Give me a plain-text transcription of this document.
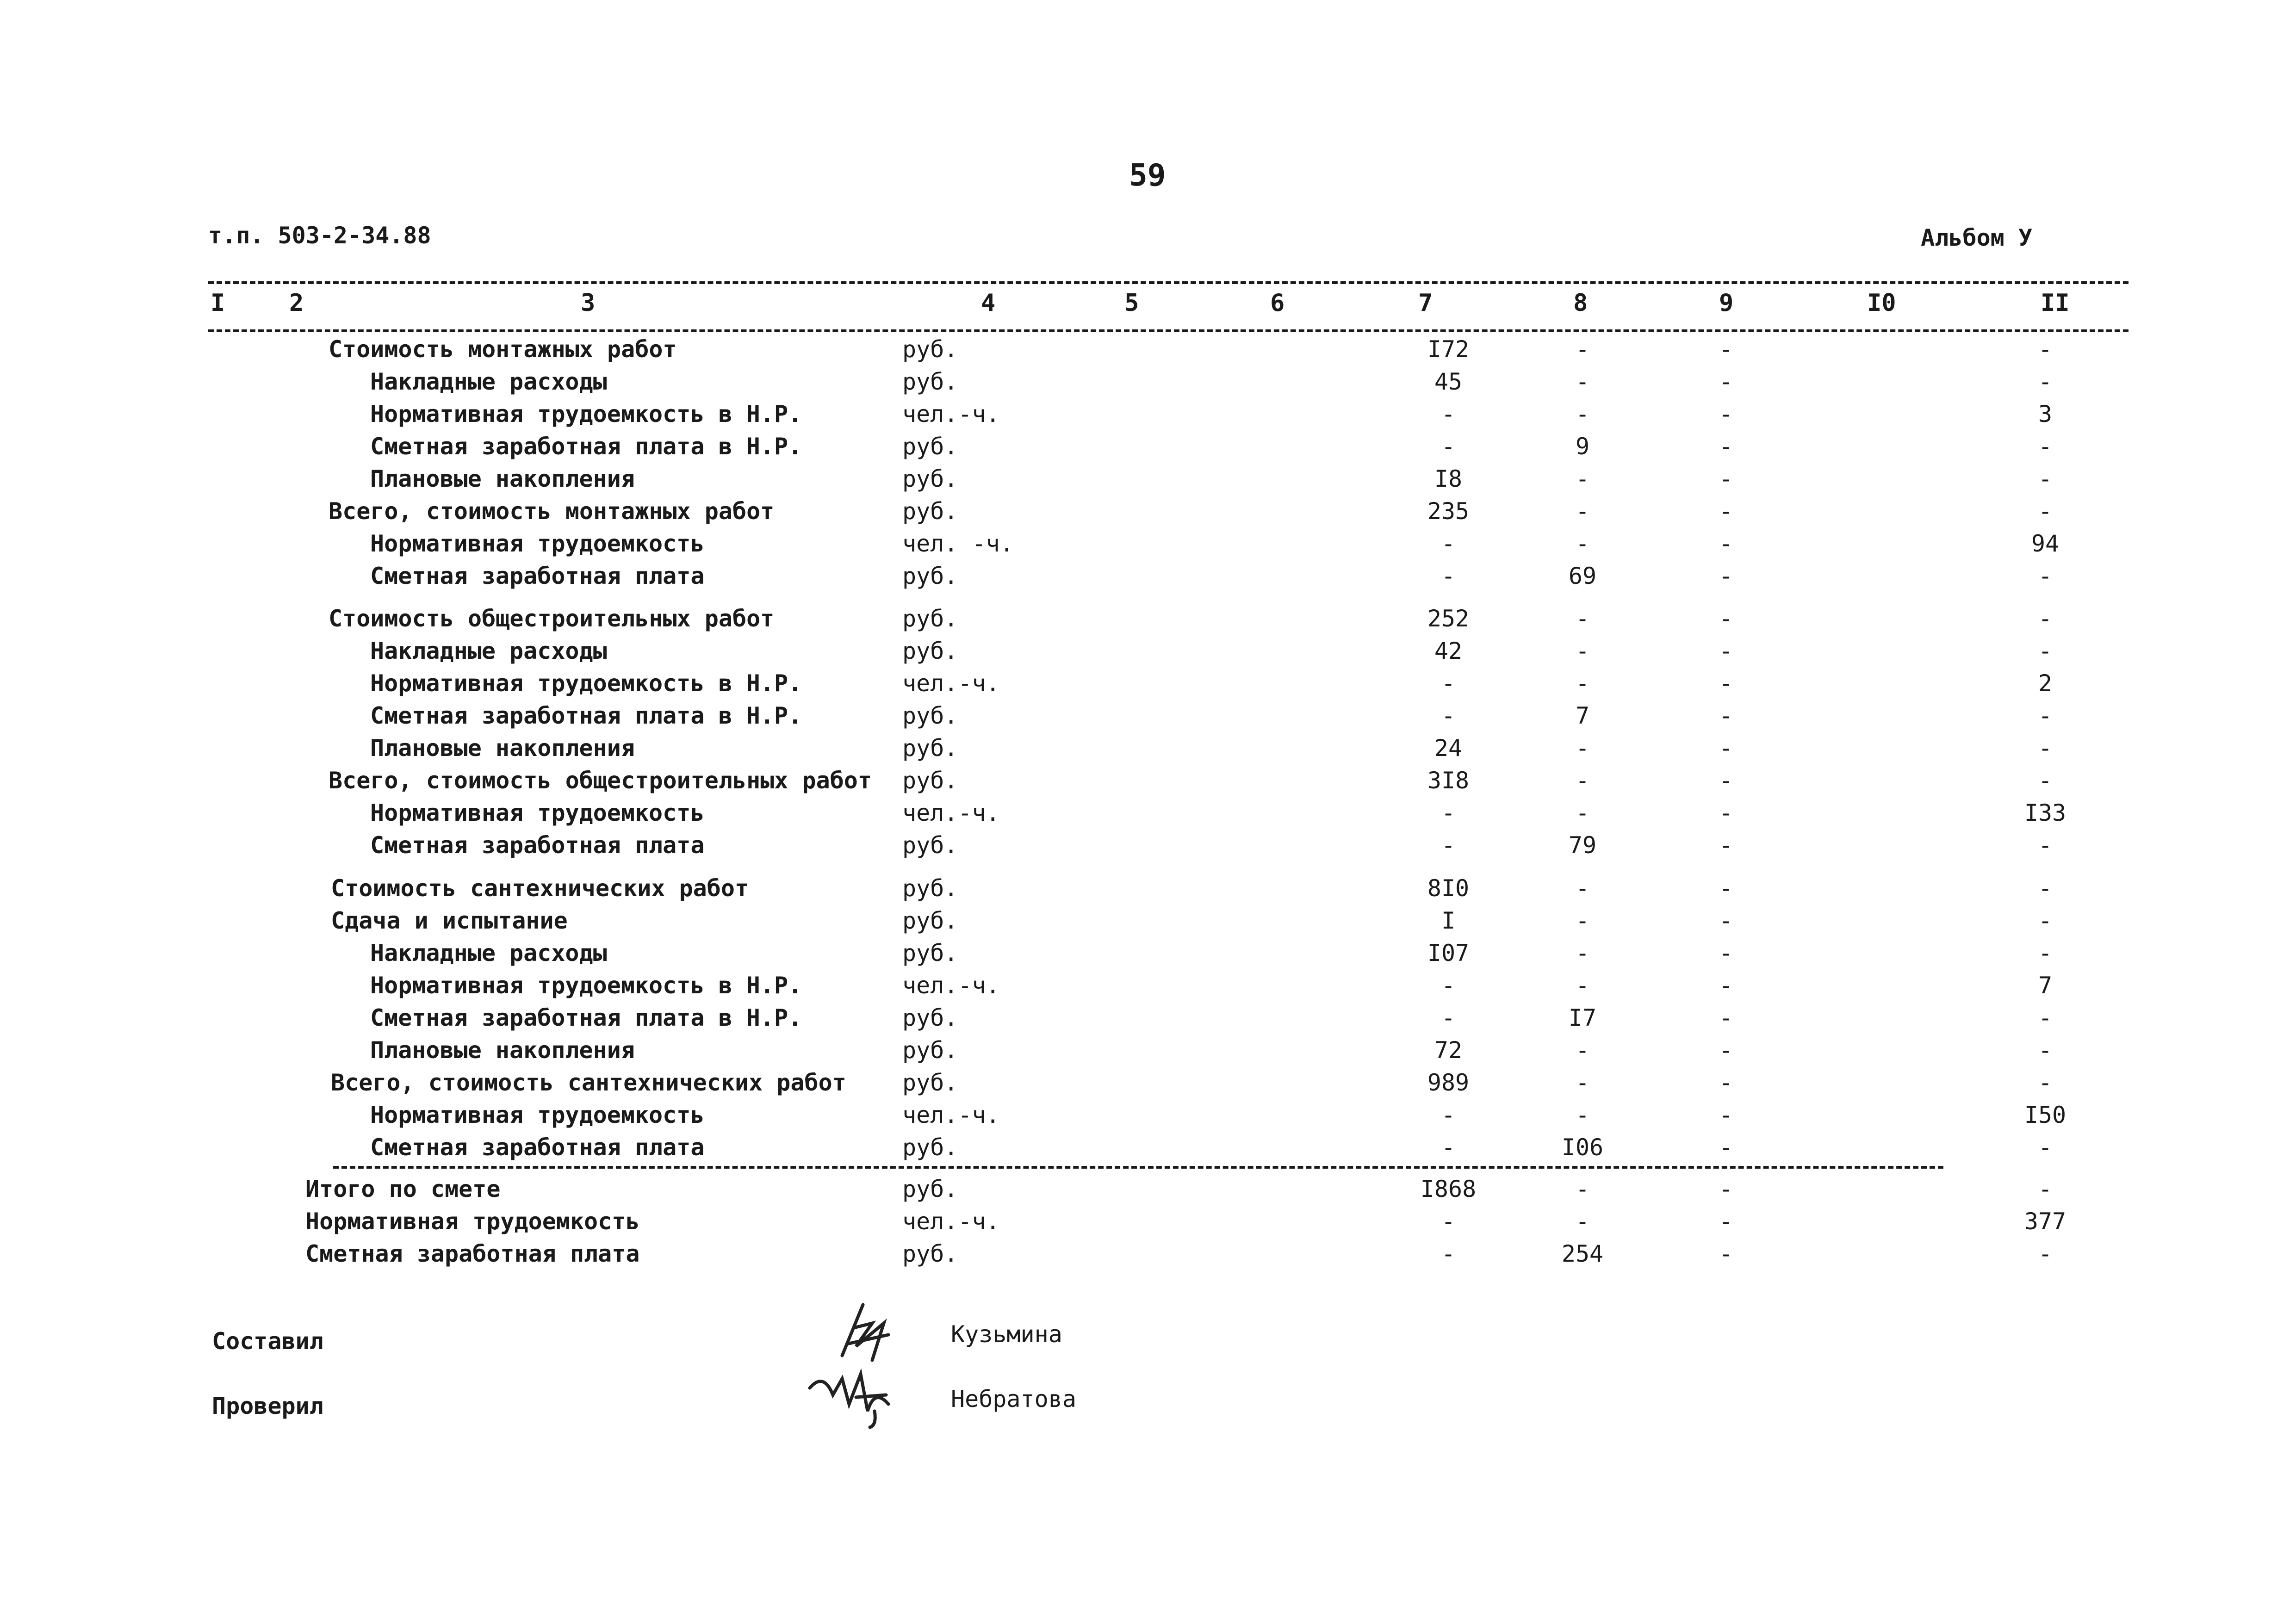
59
т.п. 503-2-34.88	Альбом У
I	2	3	4	5	6	7	8	9	I0	II
Стоимость монтажных работ	руб.	I72	-	-	-
Накладные расходы	руб.	45	-	-	-
Нормативная трудоемкость в Н.Р.	чел.-ч.	-	-	-	3
Сметная заработная плата в Н.Р.	руб.	-	9	-	-
Плановые накопления	руб.	I8	-	-	-
Всего, стоимость монтажных работ	руб.	235	-	-	-
Нормативная трудоемкость	чел. -ч.	-	-	-	94
Сметная заработная плата	руб.	-	69	-	-
Стоимость общестроительных работ	руб.	252	-	-	-
Накладные расходы	руб.	42	-	-	-
Нормативная трудоемкость в Н.Р.	чел.-ч.	-	-	-	2
Сметная заработная плата в Н.Р.	руб.	-	7	-	-
Плановые накопления	руб.	24	-	-	-
Всего, стоимость общестроительных работ руб.	3I8	-	-	-
Нормативная трудоемкость	чел.-ч.	-	-	-	I33
Сметная заработная плата	руб.	-	79	-	-
Стоимость сантехнических работ	руб.	8I0	-	-	-
Сдача и испытание	руб.	I	-	-	-
Накладные расходы	руб.	I07	-	-	-
Нормативная трудоемкость в Н.Р.	чел.-ч.	-	-	-	7
Сметная заработная плата в Н.Р.	руб.	-	I7	-	-
Плановые накопления	руб.	72	-	-	-
Всего, стоимость сантехнических работ руб.	989	-	-	-
Нормативная трудоемкость	чел.-ч.	-	-	-	I50
Сметная заработная плата	руб.	-	I06	-	-
Итого по смете	руб.	I868	-	-	-
Нормативная трудоемкость	чел.-ч.	-	-	-	377
Сметная заработная плата	руб.	-	254	-	-
Составил	Кузьмина
Проверил	Небратова
